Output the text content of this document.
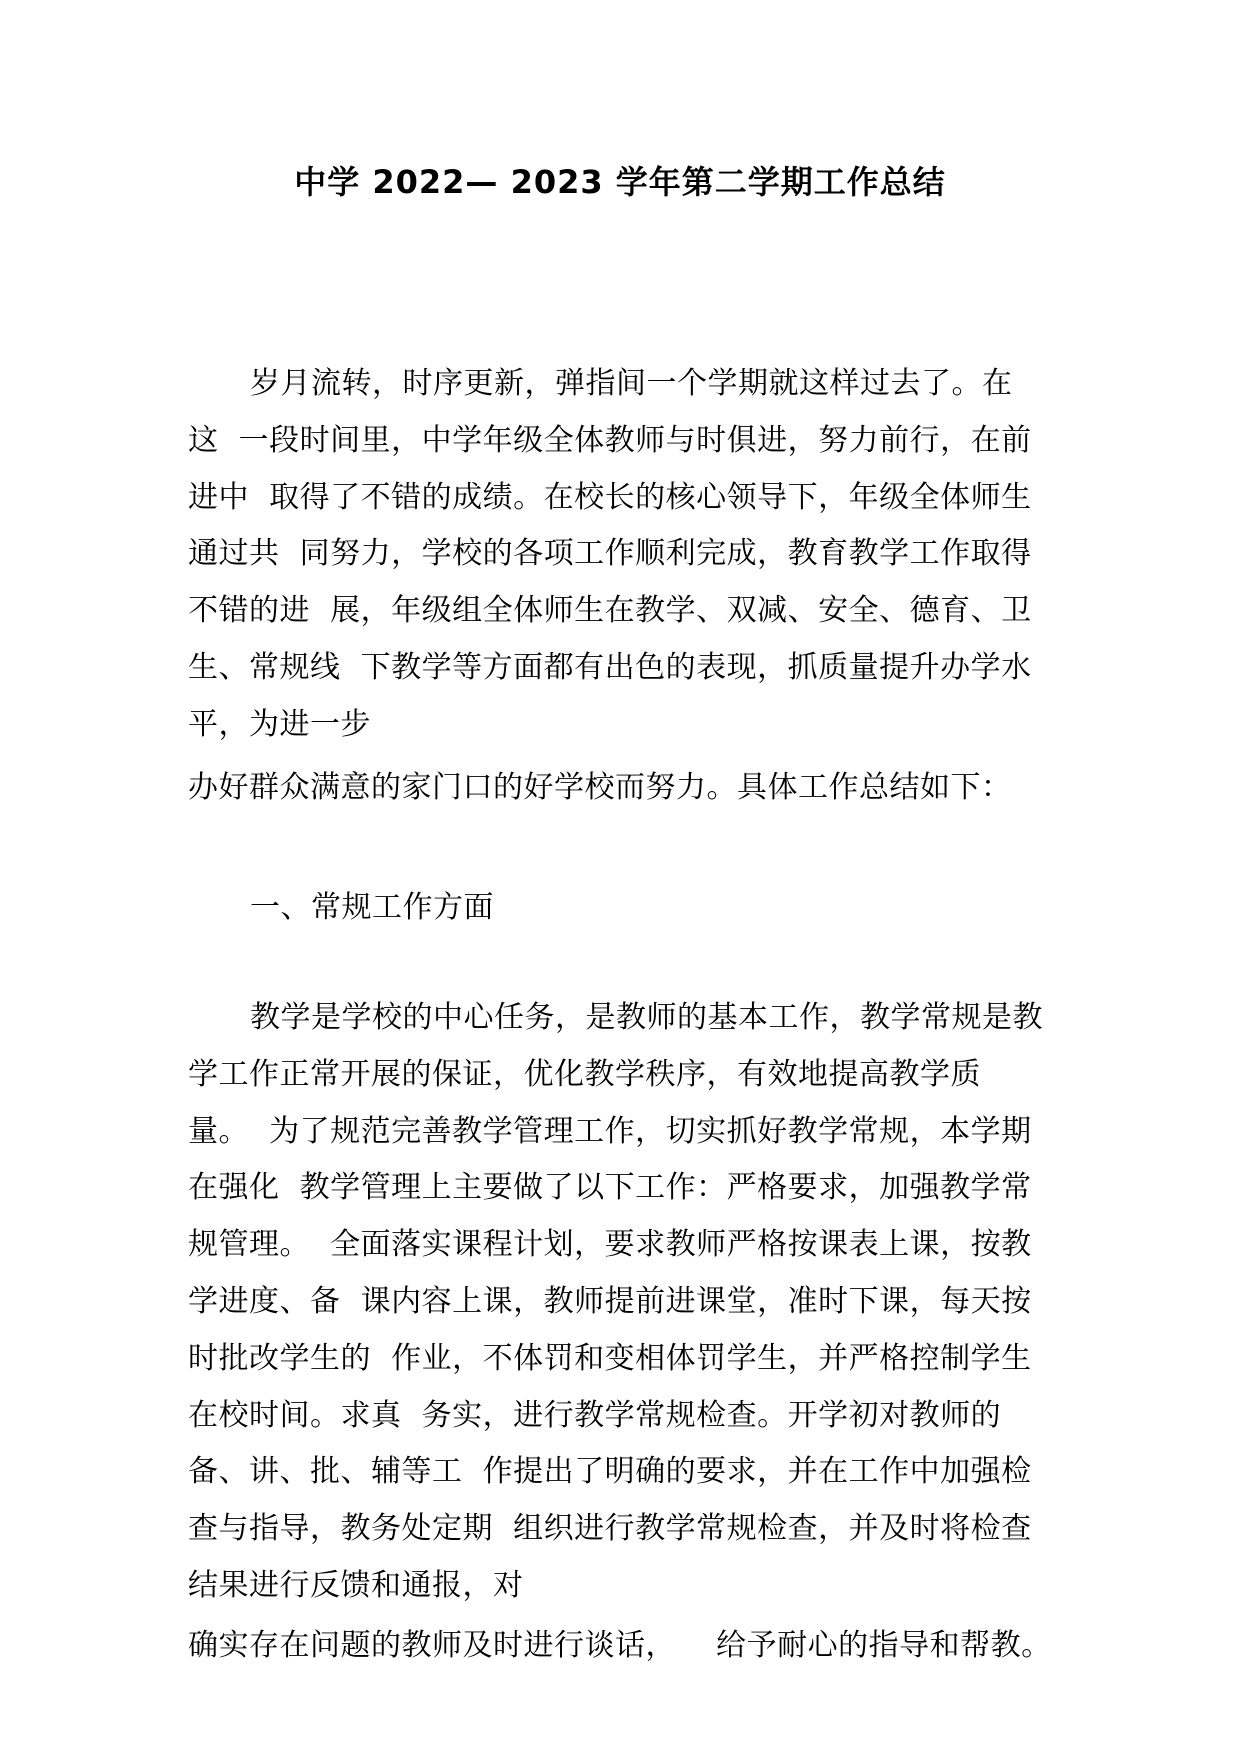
中学 2022— 2023 学年第二学期工作总结
岁月流转，时序更新，弹指间一个学期就这样过去了。在
这  一段时间里，中学年级全体教师与时俱进，努力前行，在前
进中  取得了不错的成绩。在校长的核心领导下，年级全体师生
通过共  同努力，学校的各项工作顺利完成，教育教学工作取得
不错的进  展，年级组全体师生在教学、双减、安全、德育、卫
生、常规线  下教学等方面都有出色的表现，抓质量提升办学水
平，为进一步
办好群众满意的家门口的好学校而努力。具体工作总结如下：
一、常规工作方面
教学是学校的中心任务，是教师的基本工作，教学常规是教
学工作正常开展的保证，优化教学秩序，有效地提高教学质
量。  为了规范完善教学管理工作，切实抓好教学常规，本学期
在强化  教学管理上主要做了以下工作：严格要求，加强教学常
规管理。  全面落实课程计划，要求教师严格按课表上课，按教
学进度、备  课内容上课，教师提前进课堂，准时下课，每天按
时批改学生的  作业，不体罚和变相体罚学生，并严格控制学生
在校时间。求真  务实，进行教学常规检查。开学初对教师的
备、讲、批、辅等工  作提出了明确的要求，并在工作中加强检
查与指导，教务处定期  组织进行教学常规检查，并及时将检查
结果进行反馈和通报，对
确实存在问题的教师及时进行谈话，    给予耐心的指导和帮教。
